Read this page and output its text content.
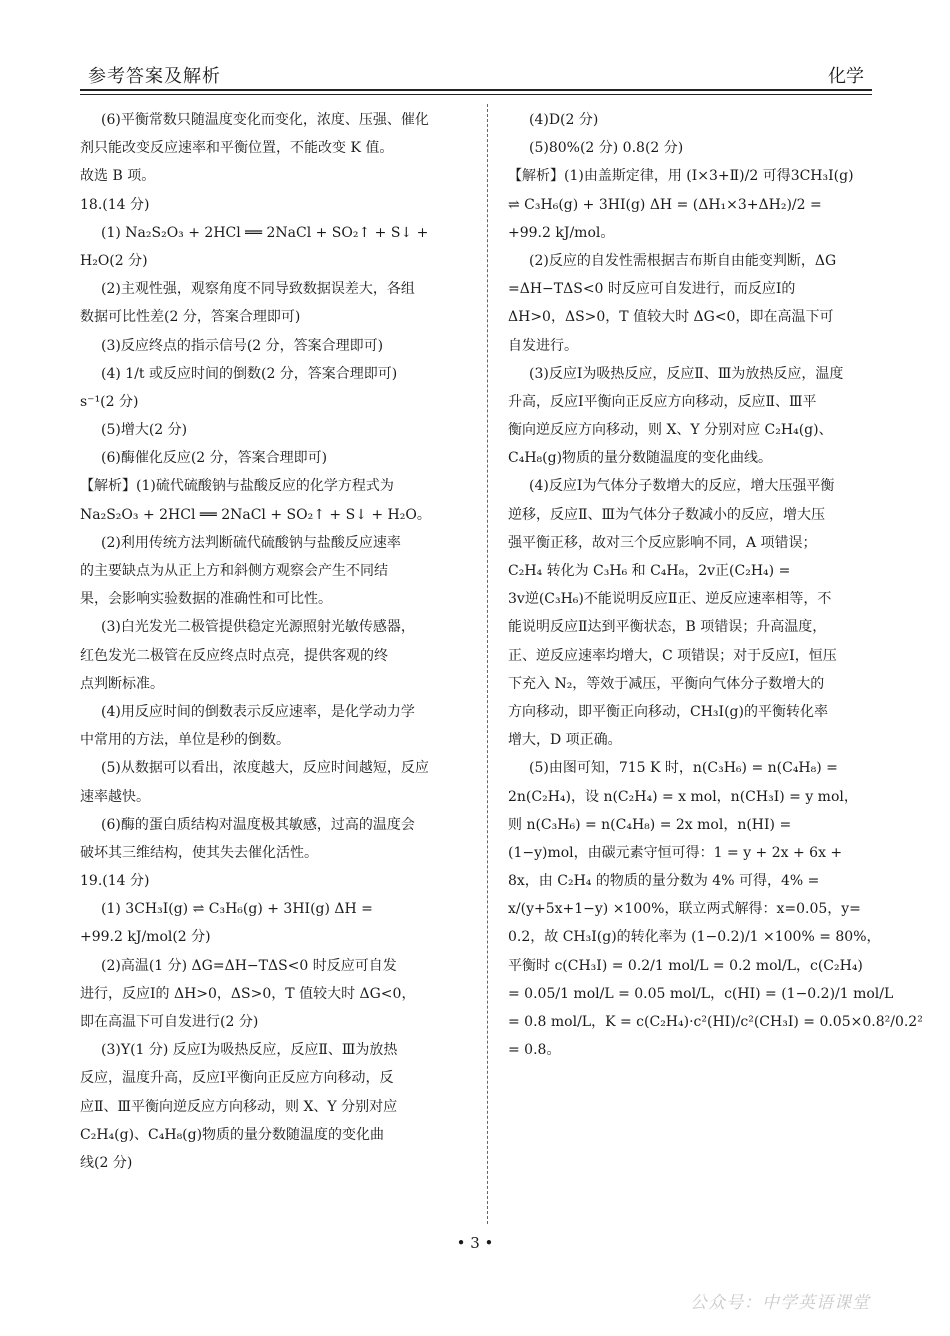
参考答案及解析	化学
(6)平衡常数只随温度变化而变化，浓度、压强、催化
剂只能改变反应速率和平衡位置，不能改变 K 值。
故选 B 项。
18.(14 分)
(1) Na₂S₂O₃ + 2HCl ══ 2NaCl + SO₂↑ + S↓ +
H₂O(2 分)
(2)主观性强，观察角度不同导致数据误差大，各组
数据可比性差(2 分，答案合理即可)
(3)反应终点的指示信号(2 分，答案合理即可)
(4) 1/t 或反应时间的倒数(2 分，答案合理即可)
s⁻¹(2 分)
(5)增大(2 分)
(6)酶催化反应(2 分，答案合理即可)
【解析】(1)硫代硫酸钠与盐酸反应的化学方程式为
Na₂S₂O₃ + 2HCl ══ 2NaCl + SO₂↑ + S↓ + H₂O。
(2)利用传统方法判断硫代硫酸钠与盐酸反应速率
的主要缺点为从正上方和斜侧方观察会产生不同结
果，会影响实验数据的准确性和可比性。
(3)白光发光二极管提供稳定光源照射光敏传感器，
红色发光二极管在反应终点时点亮，提供客观的终
点判断标准。
(4)用反应时间的倒数表示反应速率，是化学动力学
中常用的方法，单位是秒的倒数。
(5)从数据可以看出，浓度越大，反应时间越短，反应
速率越快。
(6)酶的蛋白质结构对温度极其敏感，过高的温度会
破坏其三维结构，使其失去催化活性。
19.(14 分)
(1) 3CH₃I(g) ⇌ C₃H₆(g) + 3HI(g) ΔH =
+99.2 kJ/mol(2 分)
(2)高温(1 分) ΔG=ΔH−TΔS<0 时反应可自发
进行，反应Ⅰ的 ΔH>0，ΔS>0，T 值较大时 ΔG<0，
即在高温下可自发进行(2 分)
(3)Y(1 分) 反应Ⅰ为吸热反应，反应Ⅱ、Ⅲ为放热
反应，温度升高，反应Ⅰ平衡向正反应方向移动，反
应Ⅱ、Ⅲ平衡向逆反应方向移动，则 X、Y 分别对应
C₂H₄(g)、C₄H₈(g)物质的量分数随温度的变化曲
线(2 分)
(4)D(2 分)
(5)80%(2 分) 0.8(2 分)
【解析】(1)由盖斯定律，用 (Ⅰ×3+Ⅱ)/2 可得3CH₃I(g)
⇌ C₃H₆(g) + 3HI(g) ΔH = (ΔH₁×3+ΔH₂)/2 =
+99.2 kJ/mol。
(2)反应的自发性需根据吉布斯自由能变判断，ΔG
=ΔH−TΔS<0 时反应可自发进行，而反应Ⅰ的
ΔH>0，ΔS>0，T 值较大时 ΔG<0，即在高温下可
自发进行。
(3)反应Ⅰ为吸热反应，反应Ⅱ、Ⅲ为放热反应，温度
升高，反应Ⅰ平衡向正反应方向移动，反应Ⅱ、Ⅲ平
衡向逆反应方向移动，则 X、Y 分别对应 C₂H₄(g)、
C₄H₈(g)物质的量分数随温度的变化曲线。
(4)反应Ⅰ为气体分子数增大的反应，增大压强平衡
逆移，反应Ⅱ、Ⅲ为气体分子数减小的反应，增大压
强平衡正移，故对三个反应影响不同，A 项错误；
C₂H₄ 转化为 C₃H₆ 和 C₄H₈，2v正(C₂H₄) =
3v逆(C₃H₆)不能说明反应Ⅱ正、逆反应速率相等，不
能说明反应Ⅱ达到平衡状态，B 项错误；升高温度，
正、逆反应速率均增大，C 项错误；对于反应Ⅰ，恒压
下充入 N₂，等效于减压，平衡向气体分子数增大的
方向移动，即平衡正向移动，CH₃I(g)的平衡转化率
增大，D 项正确。
(5)由图可知，715 K 时，n(C₃H₆) = n(C₄H₈) =
2n(C₂H₄)，设 n(C₂H₄) = x mol，n(CH₃I) = y mol，
则 n(C₃H₆) = n(C₄H₈) = 2x mol，n(HI) =
(1−y)mol，由碳元素守恒可得：1 = y + 2x + 6x +
8x，由 C₂H₄ 的物质的量分数为 4% 可得，4% =
x/(y+5x+1−y) ×100%，联立两式解得：x=0.05，y=
0.2，故 CH₃I(g)的转化率为 (1−0.2)/1 ×100% = 80%，
平衡时 c(CH₃I) = 0.2/1 mol/L = 0.2 mol/L，c(C₂H₄)
= 0.05/1 mol/L = 0.05 mol/L，c(HI) = (1−0.2)/1 mol/L
= 0.8 mol/L，K = c(C₂H₄)·c²(HI)/c²(CH₃I) = 0.05×0.8²/0.2²
= 0.8。
• 3 •
公众号：中学英语课堂
